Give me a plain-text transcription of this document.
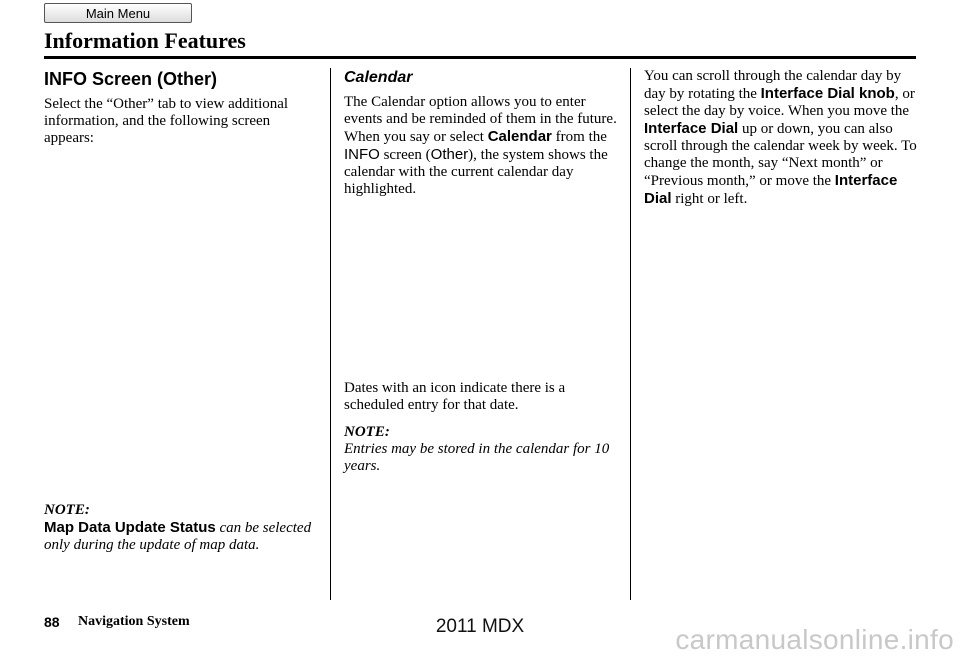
Main Menu
Information Features
INFO Screen (Other)

Select the “Other” tab to view additional information, and the following screen appears:

NOTE:
Map Data Update Status can be selected only during the update of map data.

Calendar

The Calendar option allows you to enter events and be reminded of them in the future. When you say or select Calendar from the INFO screen (Other), the system shows the calendar with the current calendar day highlighted.

Dates with an icon indicate there is a scheduled entry for that date.

NOTE:
Entries may be stored in the calendar for 10 years.

You can scroll through the calendar day by day by rotating the Interface Dial knob, or select the day by voice. When you move the Interface Dial up or down, you can also scroll through the calendar week by week. To change the month, say “Next month” or “Previous month,” or move the Interface Dial right or left.

88 Navigation System	2011 MDX	carmanualsonline.info
